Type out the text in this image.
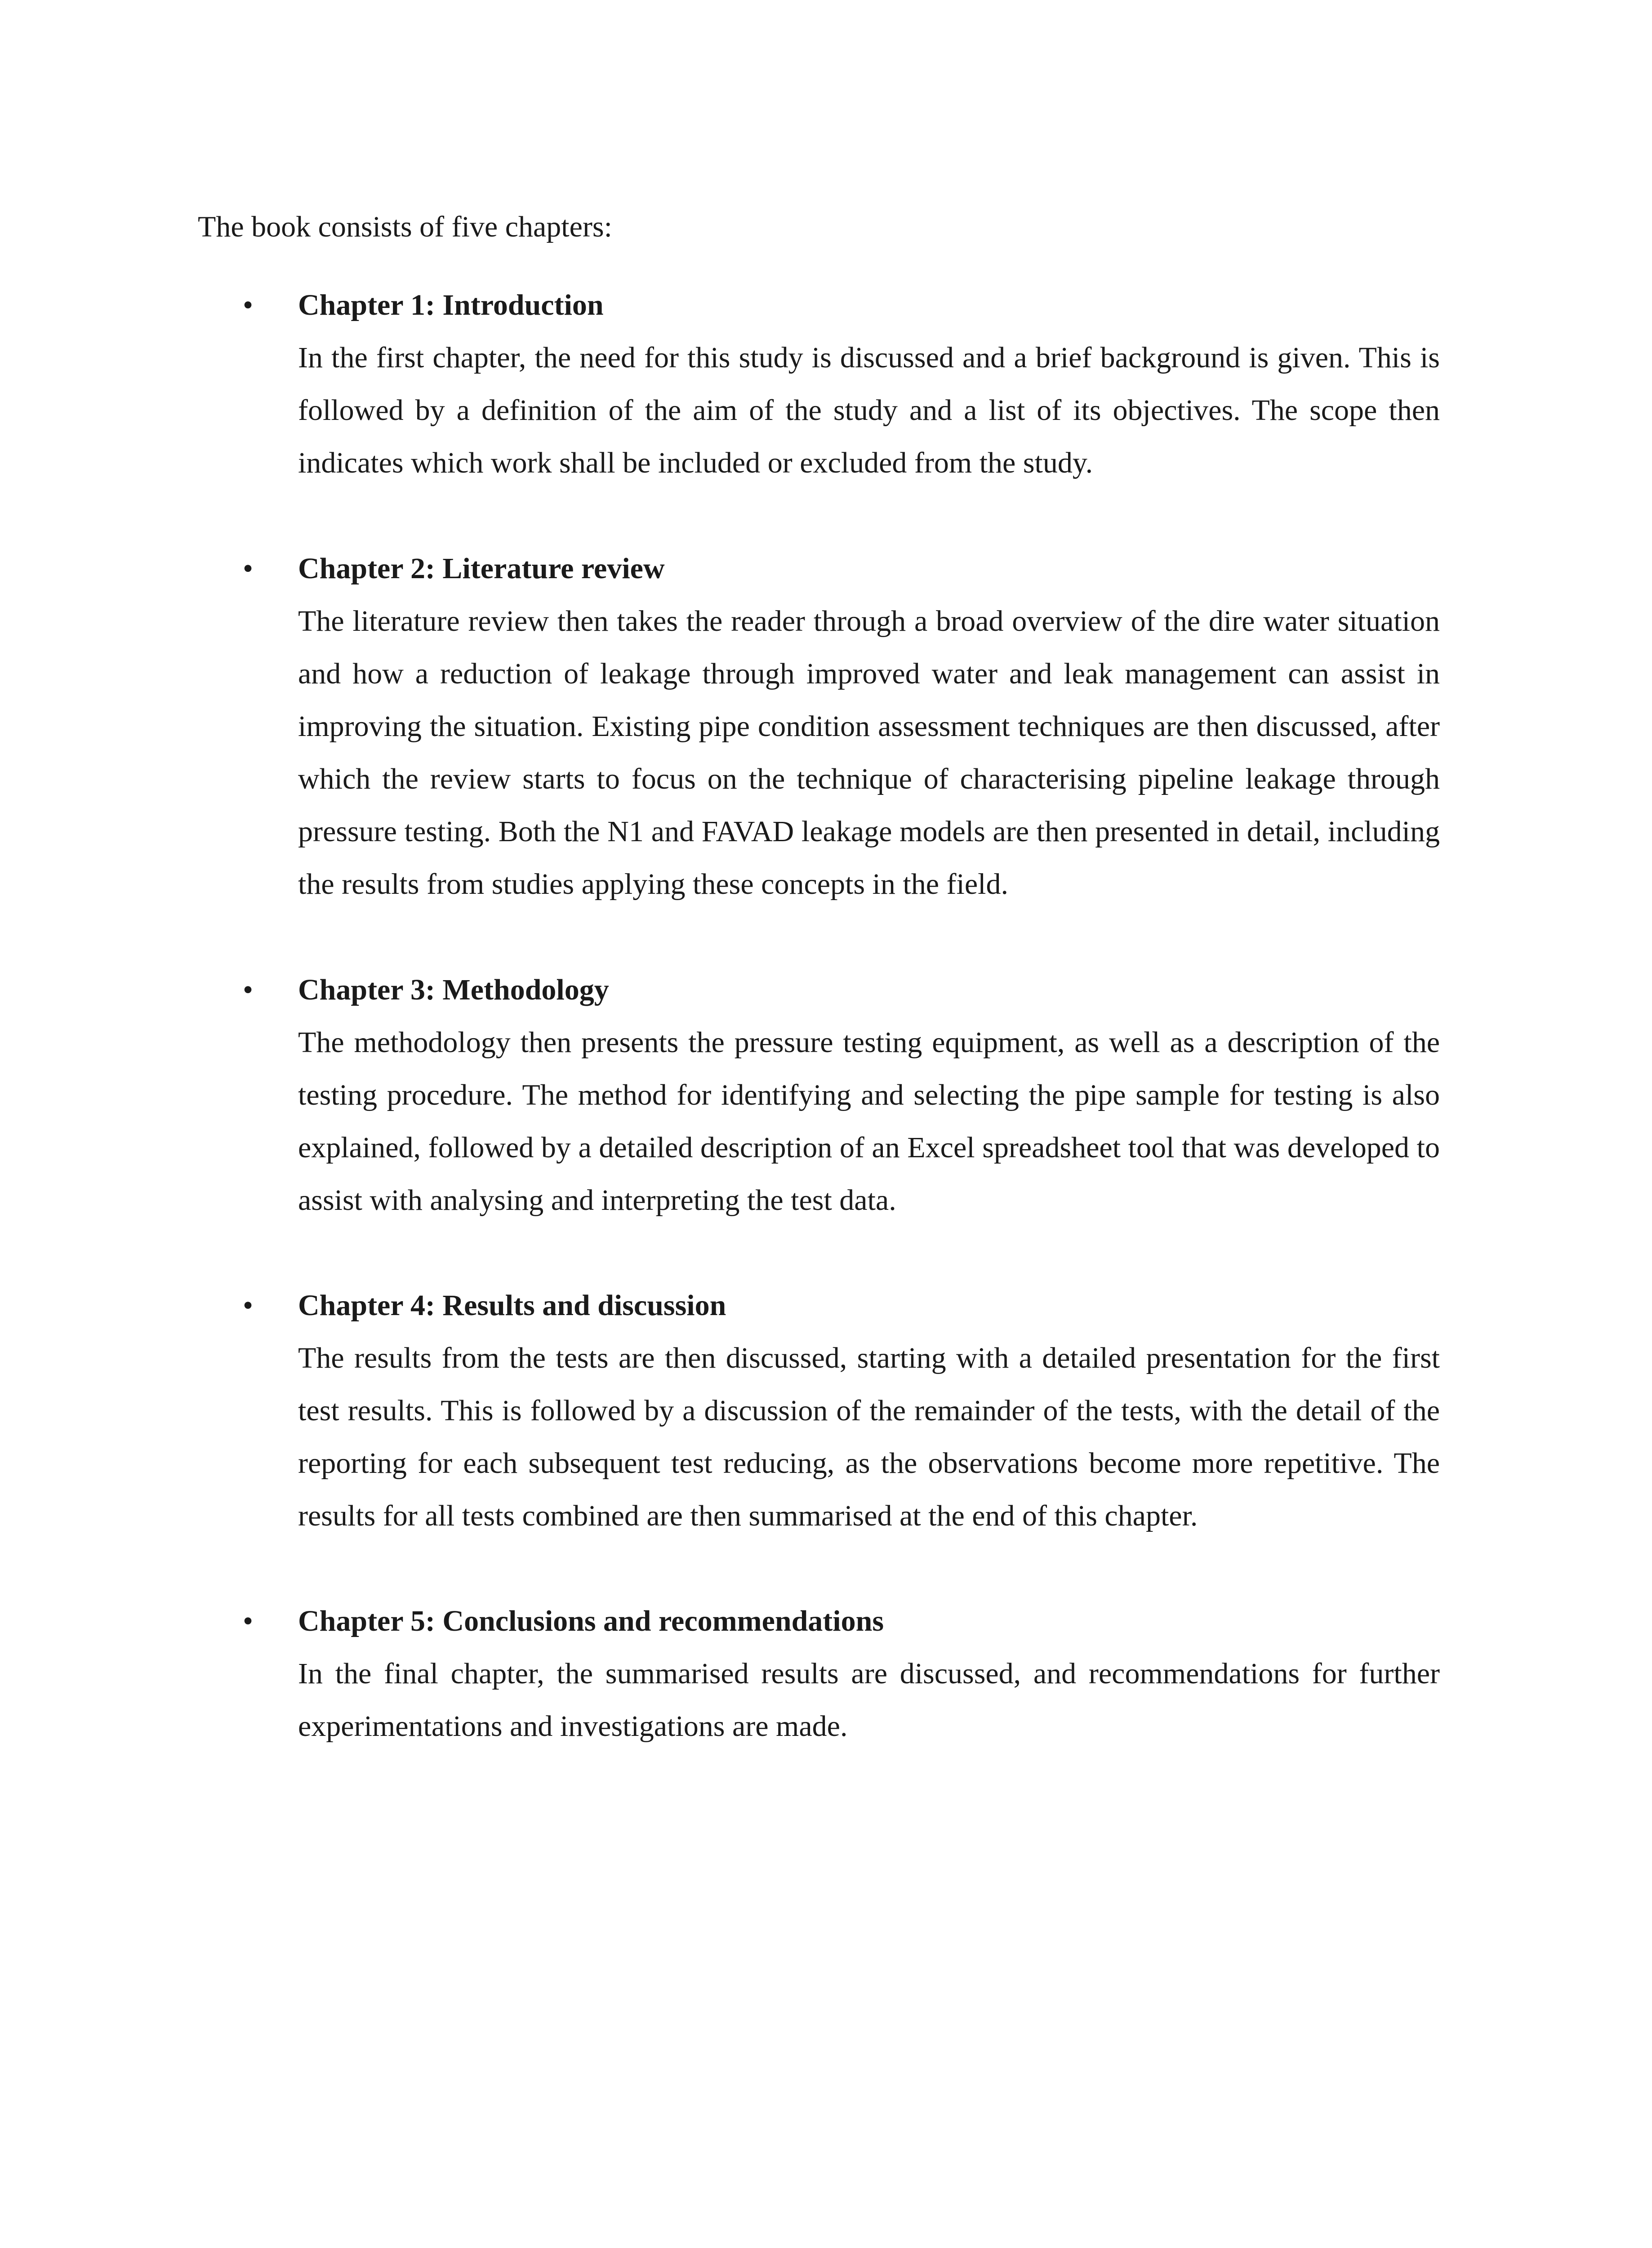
The book consists of five chapters:

• Chapter 1: Introduction

In the first chapter, the need for this study is discussed and a brief background is given. This is followed by a definition of the aim of the study and a list of its objectives. The scope then indicates which work shall be included or excluded from the study.

• Chapter 2: Literature review

The literature review then takes the reader through a broad overview of the dire water situation and how a reduction of leakage through improved water and leak management can assist in improving the situation. Existing pipe condition assessment techniques are then discussed, after which the review starts to focus on the technique of characterising pipeline leakage through pressure testing. Both the N1 and FAVAD leakage models are then presented in detail, including the results from studies applying these concepts in the field.

• Chapter 3: Methodology

The methodology then presents the pressure testing equipment, as well as a description of the testing procedure. The method for identifying and selecting the pipe sample for testing is also explained, followed by a detailed description of an Excel spreadsheet tool that was developed to assist with analysing and interpreting the test data.

• Chapter 4: Results and discussion

The results from the tests are then discussed, starting with a detailed presentation for the first test results. This is followed by a discussion of the remainder of the tests, with the detail of the reporting for each subsequent test reducing, as the observations become more repetitive. The results for all tests combined are then summarised at the end of this chapter.

• Chapter 5: Conclusions and recommendations

In the final chapter, the summarised results are discussed, and recommendations for further experimentations and investigations are made.
